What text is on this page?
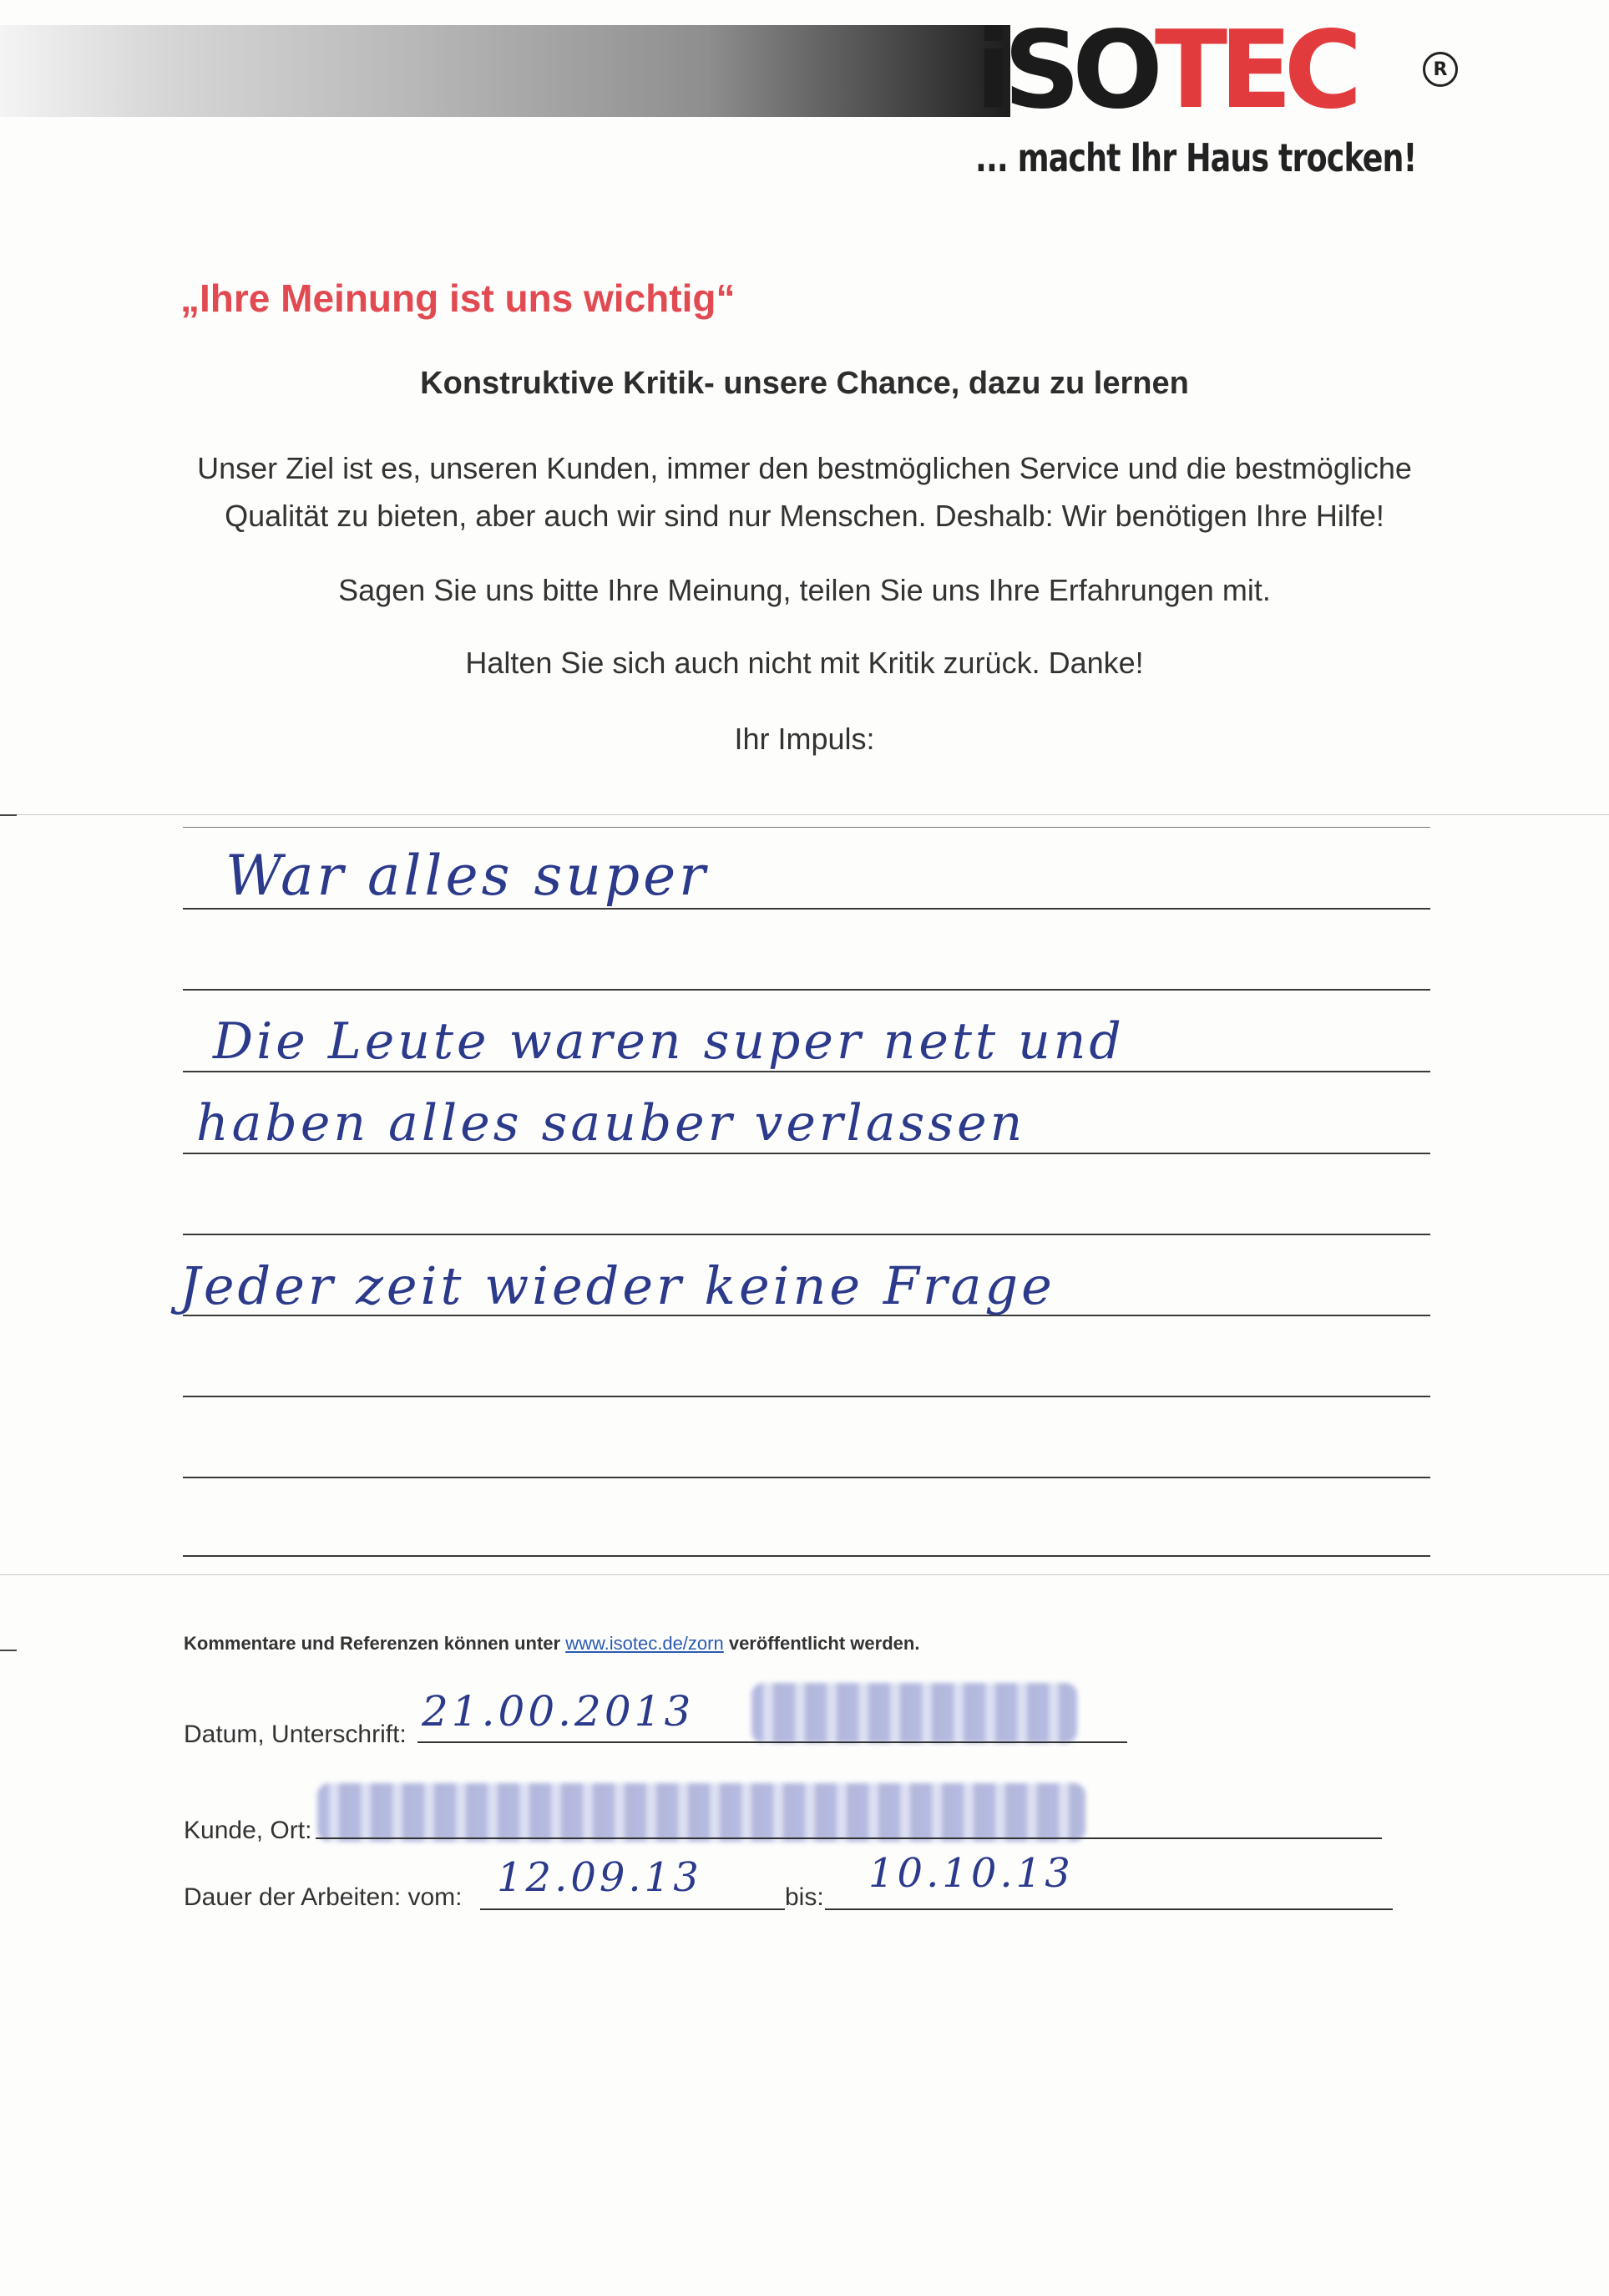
iSOTEC	R
... macht Ihr Haus trocken!
„Ihre Meinung ist uns wichtig“
Konstruktive Kritik- unsere Chance, dazu zu lernen
Unser Ziel ist es, unseren Kunden, immer den bestmöglichen Service und die bestmögliche
Qualität zu bieten, aber auch wir sind nur Menschen. Deshalb: Wir benötigen Ihre Hilfe!
Sagen Sie uns bitte Ihre Meinung, teilen Sie uns Ihre Erfahrungen mit.
Halten Sie sich auch nicht mit Kritik zurück. Danke!
Ihr Impuls:
War alles super
Die Leute waren super nett und
haben alles sauber verlassen
Jeder zeit wieder keine Frage
Kommentare und Referenzen können unter www.isotec.de/zorn veröffentlicht werden.
Datum, Unterschrift: 21.00.2013
Kunde, Ort:
Dauer der Arbeiten: vom: 12.09.13	bis:
10.10.13
